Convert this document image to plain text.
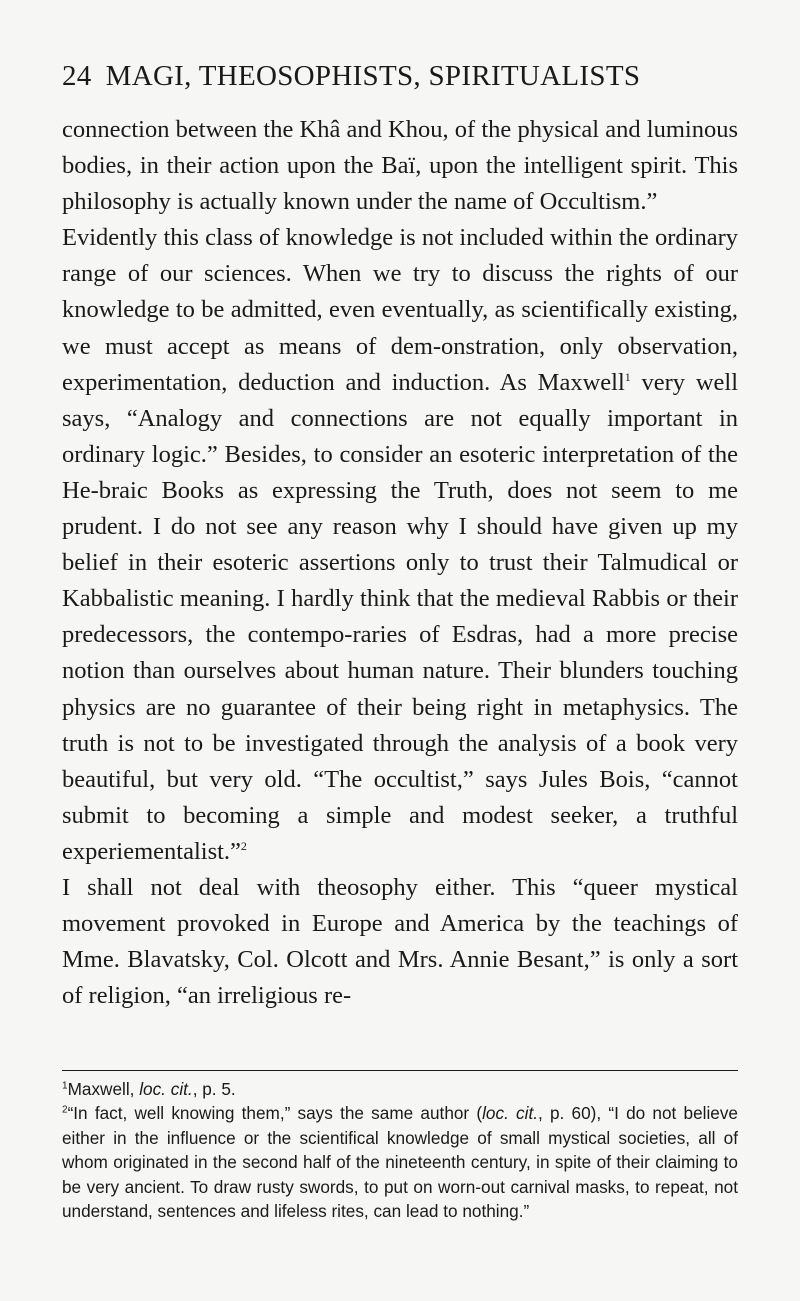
24 MAGI, THEOSOPHISTS, SPIRITUALISTS

connection between the Khâ and Khou, of the physical and luminous bodies, in their action upon the Baï, upon the intelligent spirit. This philosophy is actually known under the name of Occultism.”

Evidently this class of knowledge is not included within the ordinary range of our sciences. When we try to discuss the rights of our knowledge to be admitted, even eventually, as scientifically existing, we must accept as means of dem-onstration, only observation, experimentation, deduction and induction. As Maxwell$^1$ very well says, “Analogy and connections are not equally important in ordinary logic.” Besides, to consider an esoteric interpretation of the He-braic Books as expressing the Truth, does not seem to me prudent. I do not see any reason why I should have given up my belief in their esoteric assertions only to trust their Talmudical or Kabbalistic meaning. I hardly think that the medieval Rabbis or their predecessors, the contempo-raries of Esdras, had a more precise notion than ourselves about human nature. Their blunders touching physics are no guarantee of their being right in metaphysics. The truth is not to be investigated through the analysis of a book very beautiful, but very old. “The occultist,” says Jules Bois, “cannot submit to becoming a simple and modest seeker, a truthful experiementalist.”$^2$

I shall not deal with theosophy either. This “queer mystical movement provoked in Europe and America by the teachings of Mme. Blavatsky, Col. Olcott and Mrs. Annie Besant,” is only a sort of religion, “an irreligious re-

$^1$Maxwell, loc. cit., p. 5.

$^2$“In fact, well knowing them,” says the same author (loc. cit., p. 60), “I do not believe either in the influence or the scientifical knowledge of small mystical societies, all of whom originated in the second half of the nineteenth century, in spite of their claiming to be very ancient. To draw rusty swords, to put on worn-out carnival masks, to repeat, not understand, sentences and lifeless rites, can lead to nothing.”
